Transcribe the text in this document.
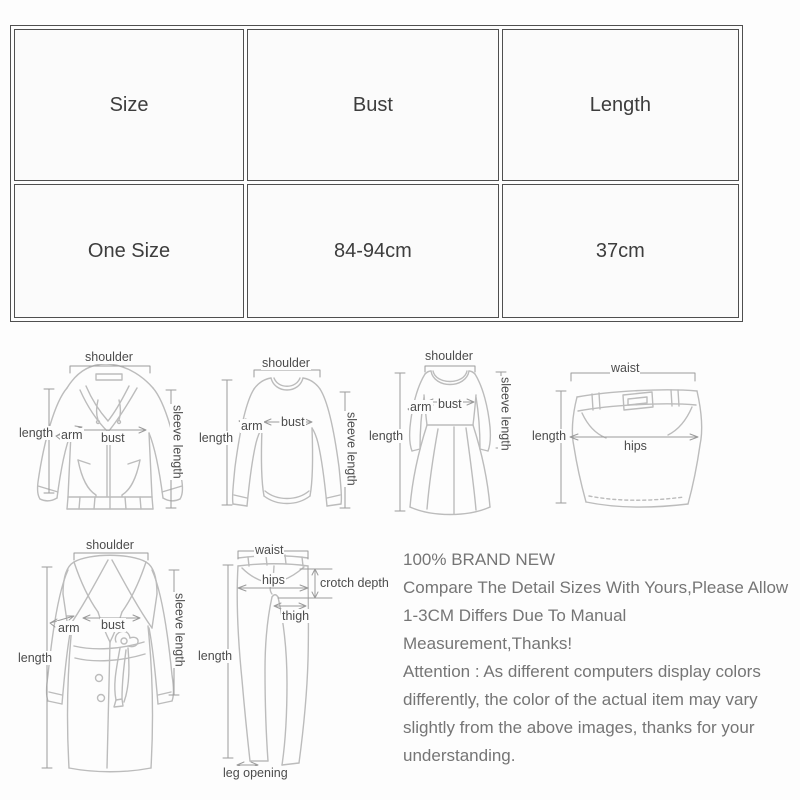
Size	Bust	Length
One Size	84-94cm	37cm
shoulder
length arm bust	sleeve length
shoulder
length
arm bust	sleeve length
shoulder
length
arm bust	sleeve length
waist
length
hips
shoulder
length
arm bust	sleeve length
waist
hips	crotch depth
thigh
length
leg opening
100% BRAND NEW
Compare The Detail Sizes With Yours,Please Allow
1-3CM Differs Due To Manual Measurement,Thanks!
Attention : As different computers display colors
differently, the color of the actual item may vary
slightly from the above images, thanks for your
understanding.
